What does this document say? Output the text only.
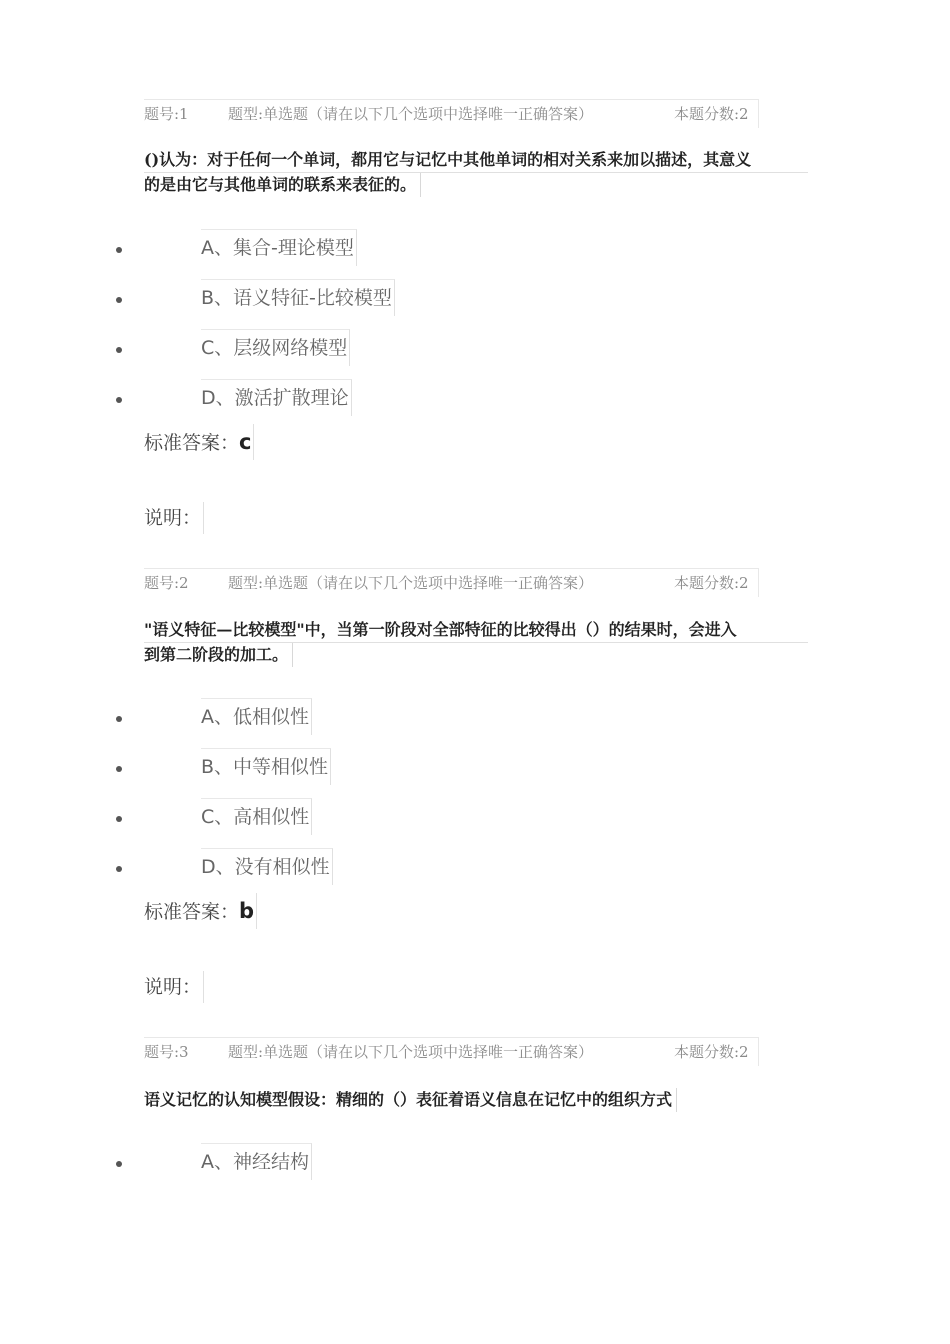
题号:1	题型:单选题（请在以下几个选项中选择唯一正确答案）	本题分数:2
()认为：对于任何一个单词，都用它与记忆中其他单词的相对关系来加以描述，其意义
的是由它与其他单词的联系来表征的。
A、集合-理论模型
B、语义特征-比较模型
C、层级网络模型
D、激活扩散理论
标准答案：c
说明：
题号:2	题型:单选题（请在以下几个选项中选择唯一正确答案）	本题分数:2
"语义特征—比较模型"中，当第一阶段对全部特征的比较得出（）的结果时，会进入
到第二阶段的加工。
A、低相似性
B、中等相似性
C、高相似性
D、没有相似性
标准答案：b
说明：
题号:3	题型:单选题（请在以下几个选项中选择唯一正确答案）	本题分数:2
语义记忆的认知模型假设：精细的（）表征着语义信息在记忆中的组织方式
A、神经结构
